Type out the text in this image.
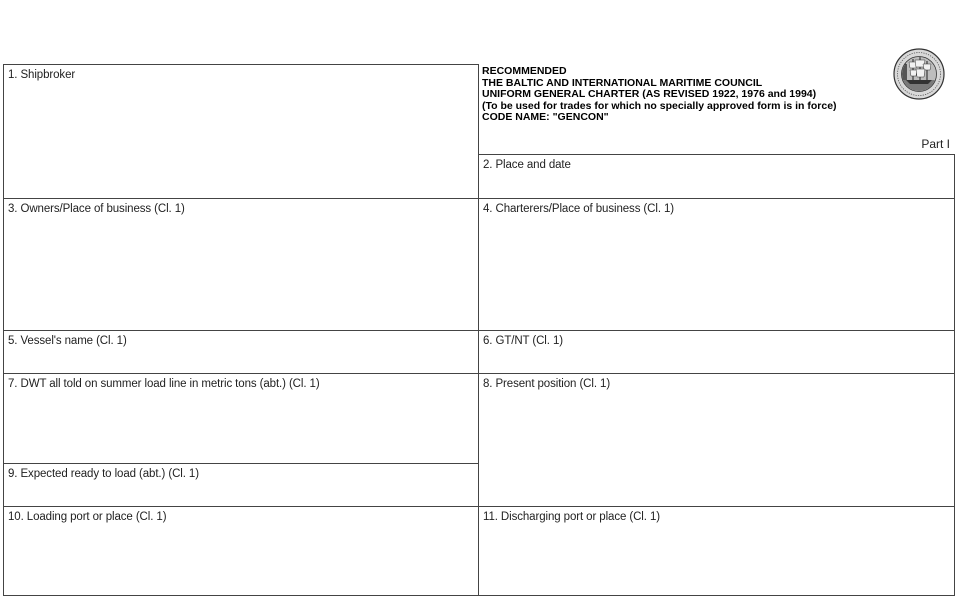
1. Shipbroker
3. Owners/Place of business (Cl. 1)
5. Vessel's name (Cl. 1)
7. DWT all told on summer load line in metric tons (abt.) (Cl. 1)
9. Expected ready to load (abt.) (Cl. 1)
10. Loading port or place (Cl. 1)
2. Place and date
4. Charterers/Place of business (Cl. 1)
6. GT/NT (Cl. 1)
8. Present position (Cl. 1)
11. Discharging port or place (Cl. 1)
RECOMMENDED
THE BALTIC AND INTERNATIONAL MARITIME COUNCIL
UNIFORM GENERAL CHARTER (AS REVISED 1922, 1976 and 1994)
(To be used for trades for which no specially approved form is in force)
CODE NAME: "GENCON"
Part I
